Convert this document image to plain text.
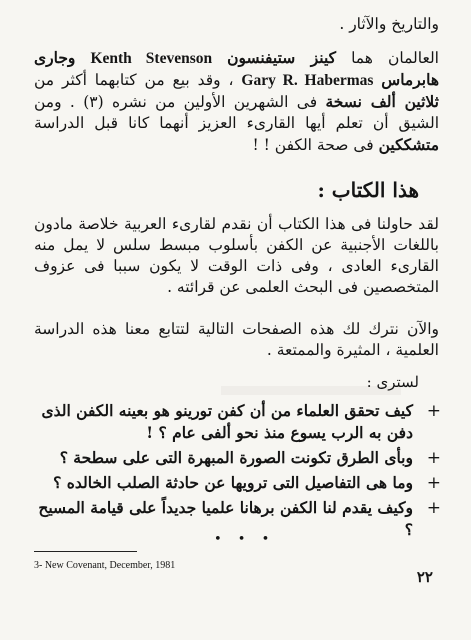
والتاريخ والآثار .
العالمان هما كينز ستيفنسون Kenth Stevenson وجارى هابرماس Gary R. Habermas ، وقد بيع من كتابهما أكثر من ثلاثين ألف نسخة فى الشهرين الأولين من نشره (٣) . ومن الشيق أن تعلم أيها القارىء العزيز أنهما كانا قبل الدراسة متشككين فى صحة الكفن ! !
هذا الكتاب :
لقد حاولنا فى هذا الكتاب أن نقدم لقارىء العربية خلاصة مادون باللغات الأجنبية عن الكفن بأسلوب مبسط سلس لا يمل منه القارىء العادى ، وفى ذات الوقت لا يكون سببا فى عزوف المتخصصين فى البحث العلمى عن قرائته .
والآن نترك لك هذه الصفحات التالية لتتابع معنا هذه الدراسة العلمية ، المثيرة والممتعة .
لسترى :
+
كيف تحقق العلماء من أن كفن تورينو هو بعينه الكفن الذى دفن به الرب يسوع منذ نحو ألفى عام ؟ !
+
وبأى الطرق تكونت الصورة المبهرة التى على سطحة ؟
+
وما هى التفاصيل التى ترويها عن حادثة الصلب الخالده ؟
+
وكيف يقدم لنا الكفن برهانا علميا جديداً على قيامة المسيح ؟
• • •
3- New Covenant, December, 1981
٢٢
